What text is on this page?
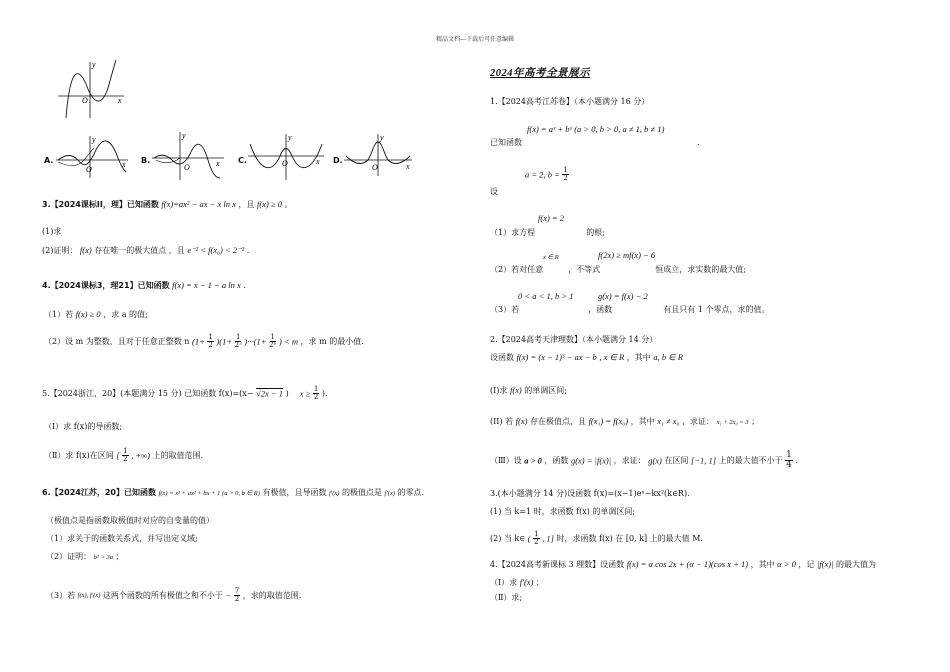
精品文档---下载后可任意编辑
y
x
O
A.
y
x
O
B.
y
x
O
C.
y
x
O	D.
y
x
O
3.【2024课标II，理】已知函数 f(x)=ax² − ax − x ln x ，且 f(x) ≥ 0 。
(1)求
(2)证明： f(x) 存在唯一的极大值点 ，且 e⁻² < f(x₀) < 2⁻² .
4.【2024课标3，理21】已知函数 f(x) = x − 1 − a ln x .
（1）若 f(x) ≥ 0 ，求 a 的值;
（2）设 m 为整数，且对于任意正整数 n $(1+ \frac{1}{2} )(1+ \frac{1}{\text{2²}} )\cdot\cdot\cdot(1+ \frac{1}{\text{2ⁿ}}$ ) < m ，求 m 的最小值.
5.【2024浙江，20】(本题满分 15 分) 已知函数 f(x)=(x− √2x − 1 ) $x \ge \frac{1}{2}$ ).
（Ⅰ）求 f(x)的导函数;
（Ⅱ）求 f(x)在区间 [ $\frac{1}{2}$ , +∞) 上的取值范围.
6.【2024江苏，20】已知函数 f(x) = x³ + ax² + bx + 1 (a > 0, b ∈ R) 有极值，且导函数 f′(x) 的极值点是 f′(x) 的零点.
（极值点是指函数取极值时对应的自变量的值）
（1）求关于的函数关系式，并写出定义域;
（2）证明： b² > 3a ；
（3）若 f(x), f′(x) 这两个函数的所有极值之和不小于 − $\frac{7}{2}$ ，求的取值范围.
2024年高考全景展示
1.【2024高考江苏卷】（本小题满分 16 分）
f(x) = aˣ + bˣ (a > 0, b > 0, a ≠ 1, b ≠ 1)
已知函数	.
a = 2, $b = \frac{1}{2}$
设
f(x) = 2
（1）求方程	的根;
x ∈ R	f(2x) ≥ mf(x) − 6
（2）若对任意	，不等式	恒成立，求实数的最大值;
0 < a < 1, b > 1	g(x) = f(x) − 2
（3）若	，函数	有且只有 1 个零点，求的值。
2.【2024高考天津理数】（本小题满分 14 分）
设函数 f(x) = (x − 1)³ − ax − b , x ∈ R ，其中 a, b ∈ R
(I)求 f(x) 的单调区间;
(II) 若 f(x) 存在极值点，且 f(x₁) = f(x₀) ，其中 x₁ ≠ x₀ ，求证： x₁ + 2x₀ = 3 ；
（Ⅲ）设 a > 0 ，函数 g(x) = |f(x)| ，求证： g(x) 在区间 [−1, 1] 上的最大值不小于 $\frac{1}{4}$ .
3.(本小题满分 14 分)设函数 f(x)=(x−1)eˣ−kx²(k∈R).
(1) 当 k=1 时，求函数 f(x) 的单调区间;
(2) 当 k∈ ( $\frac{1}{2}$ , 1] 时，求函数 f(x) 在 [0, k] 上的最大值 M.
4.【2024高考新课标 3 理数】设函数 f(x) = α cos 2x + (α − 1)(cos x + 1) ，其中 α > 0 ，记 |f(x)| 的最大值为
（Ⅰ）求 f′(x) ；
（Ⅱ）求;
